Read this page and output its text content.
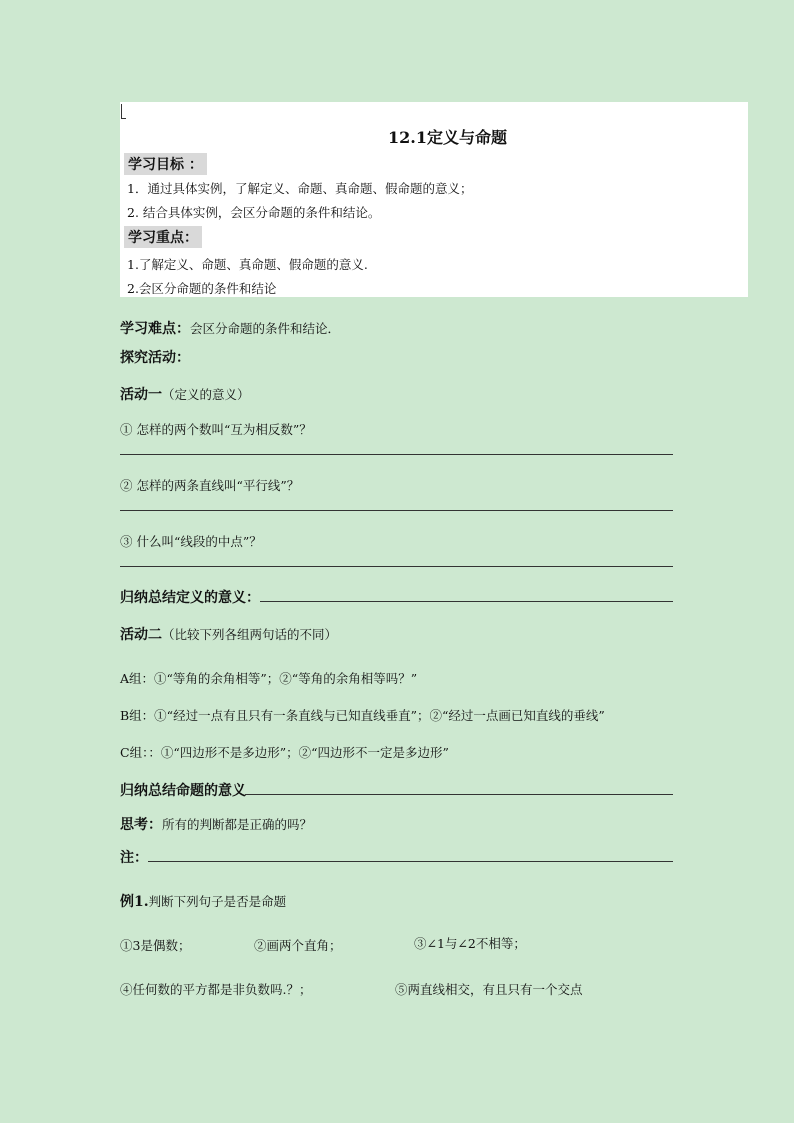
12.1定义与命题
学习目标 ：
1．通过具体实例，了解定义、命题、真命题、假命题的意义；
2. 结合具体实例，会区分命题的条件和结论。
学习重点：
1.了解定义、命题、真命题、假命题的意义.
2.会区分命题的条件和结论
学习难点：会区分命题的条件和结论．
探究活动：
活动一（定义的意义）
① 怎样的两个数叫“互为相反数”？
② 怎样的两条直线叫“平行线”？
③ 什么叫“线段的中点”？
归纳总结定义的意义：
活动二（比较下列各组两句话的不同）
A组：①“等角的余角相等”；②“等角的余角相等吗？”
B组：①“经过一点有且只有一条直线与已知直线垂直”；②“经过一点画已知直线的垂线”
C组：：①“四边形不是多边形”；②“四边形不一定是多边形”
归纳总结命题的意义
思考：所有的判断都是正确的吗？
注：
例1.判断下列句子是否是命题
①3是偶数；	②画两个直角；	③∠1与∠2不相等；
④任何数的平方都是非负数吗.？；	⑤两直线相交，有且只有一个交点
